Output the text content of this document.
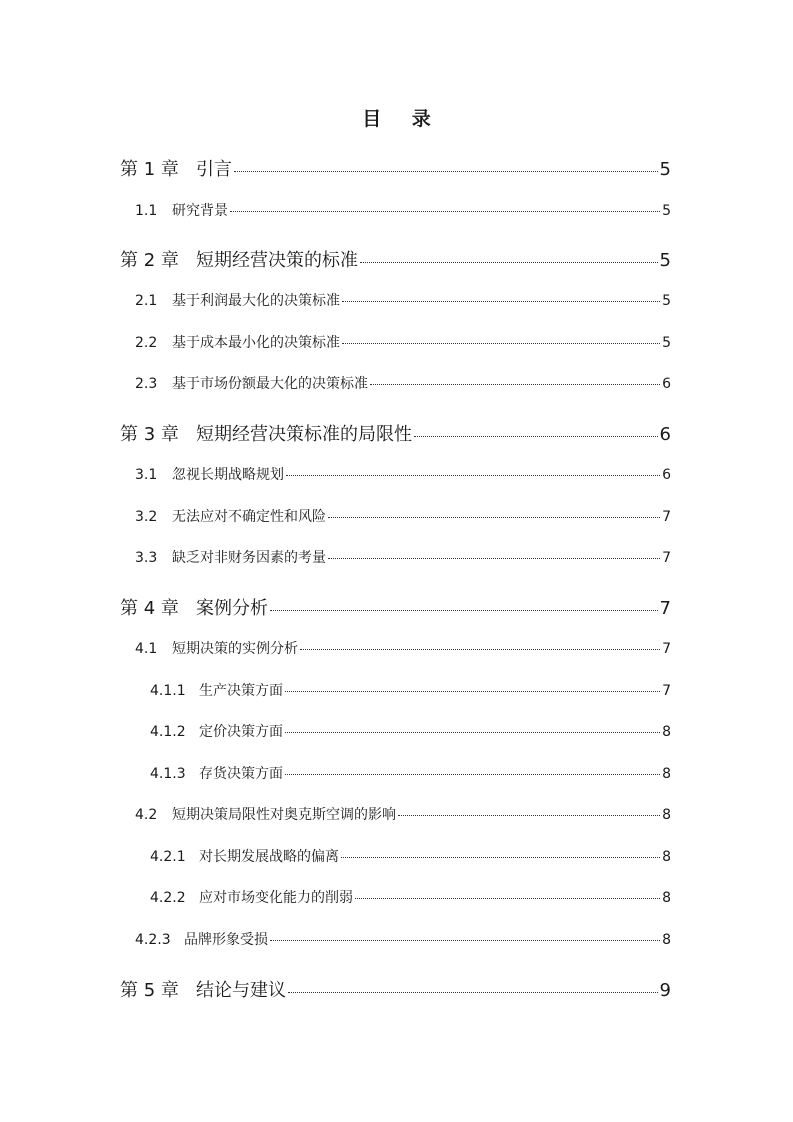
目 录
第 1 章 引言	5
1.1	研究背景	5
第 2 章 短期经营决策的标准	5
2.1	基于利润最大化的决策标准	5
2.2	基于成本最小化的决策标准	5
2.3	基于市场份额最大化的决策标准	6
第 3 章 短期经营决策标准的局限性	6
3.1	忽视长期战略规划	6
3.2	无法应对不确定性和风险	7
3.3	缺乏对非财务因素的考量	7
第 4 章 案例分析	7
4.1	短期决策的实例分析	7
4.1.1 生产决策方面	7
4.1.2 定价决策方面	8
4.1.3 存货决策方面	8
4.2	短期决策局限性对奥克斯空调的影响	8
4.2.1 对长期发展战略的偏离	8
4.2.2 应对市场变化能力的削弱	8
4.2.3 品牌形象受损	8
第 5 章 结论与建议	9
